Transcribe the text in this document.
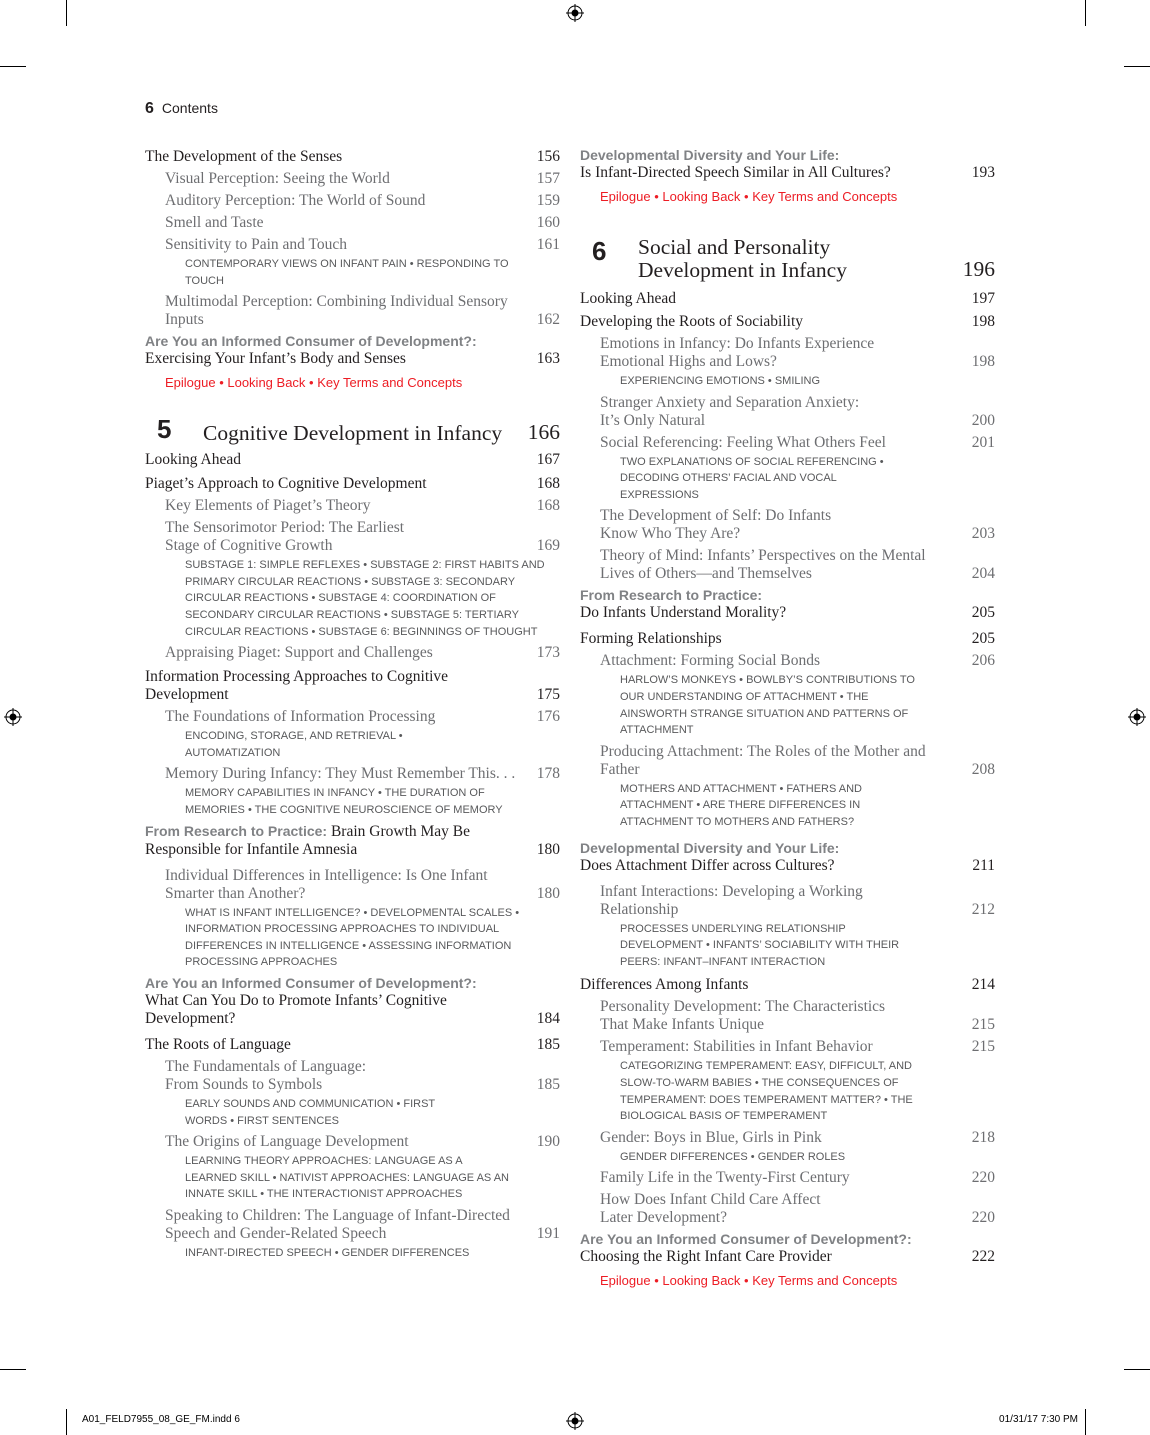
6 Contents
The Development of the Senses	156
Visual Perception: Seeing the World	157
Auditory Perception: The World of Sound	159
Smell and Taste	160
Sensitivity to Pain and Touch	161
CONTEMPORARY VIEWS ON INFANT PAIN • RESPONDING TO TOUCH
Multimodal Perception: Combining Individual Sensory Inputs	162
Are You an Informed Consumer of Development?:
Exercising Your Infant’s Body and Senses	163
Epilogue • Looking Back • Key Terms and Concepts
5	Cognitive Development in Infancy	166
Looking Ahead	167
Piaget’s Approach to Cognitive Development	168
Key Elements of Piaget’s Theory	168
The Sensorimotor Period: The Earliest Stage of Cognitive Growth	169
SUBSTAGE 1: SIMPLE REFLEXES • SUBSTAGE 2: FIRST HABITS AND PRIMARY CIRCULAR REACTIONS • SUBSTAGE 3: SECONDARY CIRCULAR REACTIONS • SUBSTAGE 4: COORDINATION OF SECONDARY CIRCULAR REACTIONS • SUBSTAGE 5: TERTIARY CIRCULAR REACTIONS • SUBSTAGE 6: BEGINNINGS OF THOUGHT
Appraising Piaget: Support and Challenges	173
Information Processing Approaches to Cognitive Development	175
The Foundations of Information Processing	176
ENCODING, STORAGE, AND RETRIEVAL • AUTOMATIZATION
Memory During Infancy: They Must Remember This. . .	178
MEMORY CAPABILITIES IN INFANCY • THE DURATION OF MEMORIES • THE COGNITIVE NEUROSCIENCE OF MEMORY
From Research to Practice: Brain Growth May Be
Responsible for Infantile Amnesia	180
Individual Differences in Intelligence: Is One Infant Smarter than Another?	180
WHAT IS INFANT INTELLIGENCE? • DEVELOPMENTAL SCALES • INFORMATION PROCESSING APPROACHES TO INDIVIDUAL DIFFERENCES IN INTELLIGENCE • ASSESSING INFORMATION PROCESSING APPROACHES
Are You an Informed Consumer of Development?:
What Can You Do to Promote Infants’ Cognitive Development?	184
The Roots of Language	185
The Fundamentals of Language: From Sounds to Symbols	185
EARLY SOUNDS AND COMMUNICATION • FIRST WORDS • FIRST SENTENCES
The Origins of Language Development	190
LEARNING THEORY APPROACHES: LANGUAGE AS A LEARNED SKILL • NATIVIST APPROACHES: LANGUAGE AS AN INNATE SKILL • THE INTERACTIONIST APPROACHES
Speaking to Children: The Language of Infant-Directed Speech and Gender-Related Speech	191
INFANT-DIRECTED SPEECH • GENDER DIFFERENCES
Developmental Diversity and Your Life:
Is Infant-Directed Speech Similar in All Cultures?	193
Epilogue • Looking Back • Key Terms and Concepts
6	Social and Personality Development in Infancy	196
Looking Ahead	197
Developing the Roots of Sociability	198
Emotions in Infancy: Do Infants Experience Emotional Highs and Lows?	198
EXPERIENCING EMOTIONS • SMILING
Stranger Anxiety and Separation Anxiety: It’s Only Natural	200
Social Referencing: Feeling What Others Feel	201
TWO EXPLANATIONS OF SOCIAL REFERENCING • DECODING OTHERS’ FACIAL AND VOCAL EXPRESSIONS
The Development of Self: Do Infants Know Who They Are?	203
Theory of Mind: Infants’ Perspectives on the Mental Lives of Others—and Themselves	204
From Research to Practice:
Do Infants Understand Morality?	205
Forming Relationships	205
Attachment: Forming Social Bonds	206
HARLOW’S MONKEYS • BOWLBY’S CONTRIBUTIONS TO OUR UNDERSTANDING OF ATTACHMENT • THE AINSWORTH STRANGE SITUATION AND PATTERNS OF ATTACHMENT
Producing Attachment: The Roles of the Mother and Father	208
MOTHERS AND ATTACHMENT • FATHERS AND ATTACHMENT • ARE THERE DIFFERENCES IN ATTACHMENT TO MOTHERS AND FATHERS?
Developmental Diversity and Your Life:
Does Attachment Differ across Cultures?	211
Infant Interactions: Developing a Working Relationship	212
PROCESSES UNDERLYING RELATIONSHIP DEVELOPMENT • INFANTS’ SOCIABILITY WITH THEIR PEERS: INFANT–INFANT INTERACTION
Differences Among Infants	214
Personality Development: The Characteristics That Make Infants Unique	215
Temperament: Stabilities in Infant Behavior	215
CATEGORIZING TEMPERAMENT: EASY, DIFFICULT, AND SLOW-TO-WARM BABIES • THE CONSEQUENCES OF TEMPERAMENT: DOES TEMPERAMENT MATTER? • THE BIOLOGICAL BASIS OF TEMPERAMENT
Gender: Boys in Blue, Girls in Pink	218
GENDER DIFFERENCES • GENDER ROLES
Family Life in the Twenty-First Century	220
How Does Infant Child Care Affect Later Development?	220
Are You an Informed Consumer of Development?:
Choosing the Right Infant Care Provider	222
Epilogue • Looking Back • Key Terms and Concepts
A01_FELD7955_08_GE_FM.indd 6	01/31/17 7:30 PM
